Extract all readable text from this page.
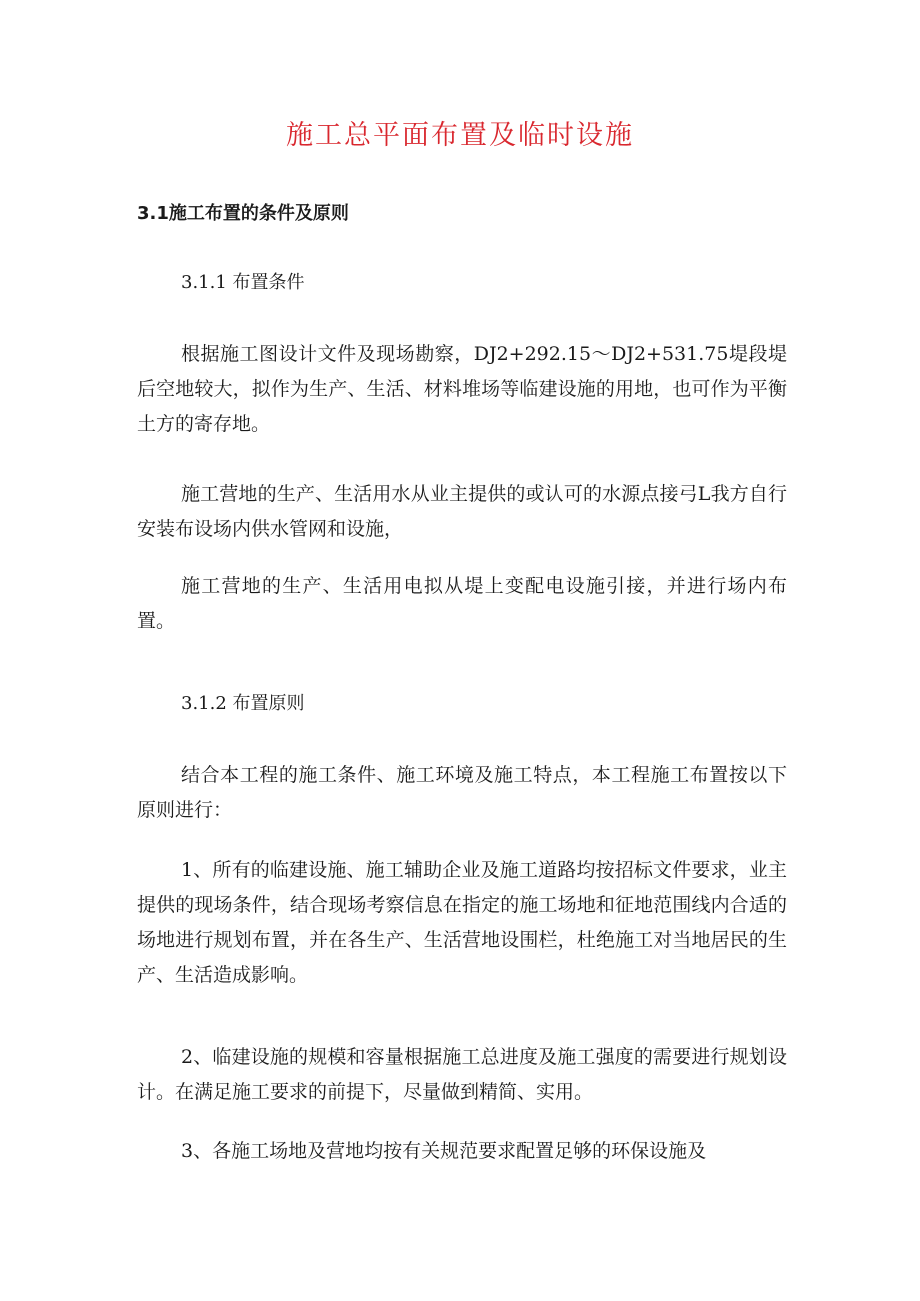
施工总平面布置及临时设施
3.1施工布置的条件及原则
3.1.1 布置条件

根据施工图设计文件及现场勘察，DJ2+292.15～DJ2+531.75堤段堤后空地较大，拟作为生产、生活、材料堆场等临建设施的用地，也可作为平衡土方的寄存地。

施工营地的生产、生活用水从业主提供的或认可的水源点接弓L我方自行安装布设场内供水管网和设施，

施工营地的生产、生活用电拟从堤上变配电设施引接，并进行场内布置。

3.1.2 布置原则

结合本工程的施工条件、施工环境及施工特点，本工程施工布置按以下原则进行：

1、所有的临建设施、施工辅助企业及施工道路均按招标文件要求，业主提供的现场条件，结合现场考察信息在指定的施工场地和征地范围线内合适的场地进行规划布置，并在各生产、生活营地设围栏，杜绝施工对当地居民的生产、生活造成影响。

2、临建设施的规模和容量根据施工总进度及施工强度的需要进行规划设计。在满足施工要求的前提下，尽量做到精简、实用。

3、各施工场地及营地均按有关规范要求配置足够的环保设施及
